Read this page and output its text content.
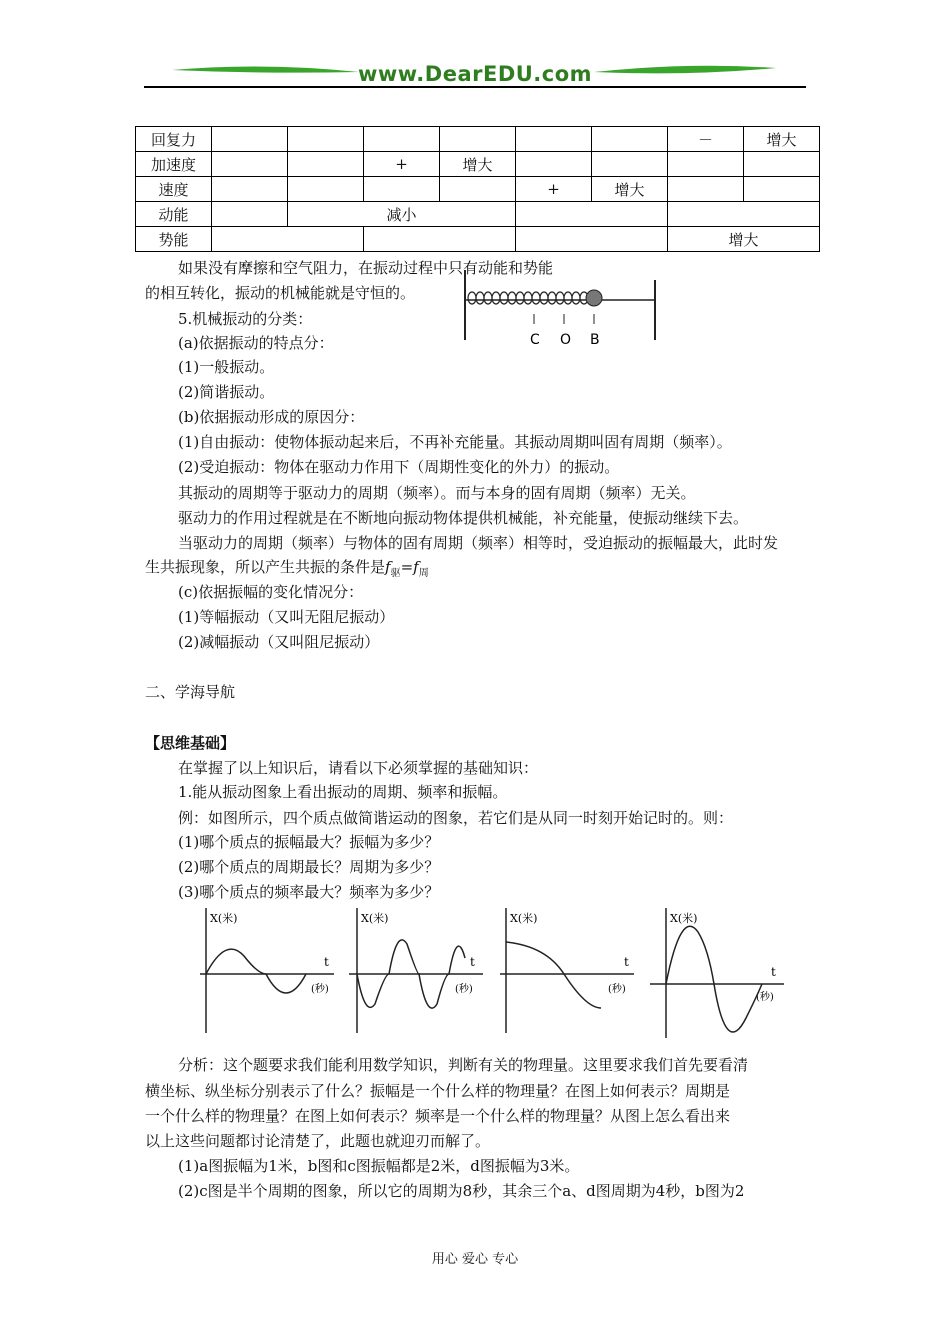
www.DearEDU.com
回复力							－	增大
加速度			+	增大				
速度					+	增大		
动能		减小						
势能							增大	
C O B
如果没有摩擦和空气阻力，在振动过程中只有动能和势能
的相互转化，振动的机械能就是守恒的。
5.机械振动的分类：
(a)依据振动的特点分：
(1)一般振动。
(2)简谐振动。
(b)依据振动形成的原因分：
(1)自由振动：使物体振动起来后，不再补充能量。其振动周期叫固有周期（频率）。
(2)受迫振动：物体在驱动力作用下（周期性变化的外力）的振动。
其振动的周期等于驱动力的周期（频率）。而与本身的固有周期（频率）无关。
驱动力的作用过程就是在不断地向振动物体提供机械能，补充能量，使振动继续下去。
当驱动力的周期（频率）与物体的固有周期（频率）相等时，受迫振动的振幅最大，此时发
生共振现象，所以产生共振的条件是$f_驱=f_周$
(c)依据振幅的变化情况分：
(1)等幅振动（又叫无阻尼振动）
(2)减幅振动（又叫阻尼振动）
二、学海导航
【思维基础】
在掌握了以上知识后，请看以下必须掌握的基础知识：
1.能从振动图象上看出振动的周期、频率和振幅。
例：如图所示，四个质点做简谐运动的图象，若它们是从同一时刻开始记时的。则：
(1)哪个质点的振幅最大？振幅为多少？
(2)哪个质点的周期最长？周期为多少？
(3)哪个质点的频率最大？频率为多少？
X(米)
t
(秒)
X(米)
t
(秒)
X(米)
t
(秒)
X(米)
t
(秒)
分析：这个题要求我们能利用数学知识，判断有关的物理量。这里要求我们首先要看清
横坐标、纵坐标分别表示了什么？振幅是一个什么样的物理量？在图上如何表示？周期是
一个什么样的物理量？在图上如何表示？频率是一个什么样的物理量？从图上怎么看出来
以上这些问题都讨论清楚了，此题也就迎刃而解了。
(1)a图振幅为1米，b图和c图振幅都是2米，d图振幅为3米。
(2)c图是半个周期的图象，所以它的周期为8秒，其余三个a、d图周期为4秒，b图为2
用心 爱心 专心
